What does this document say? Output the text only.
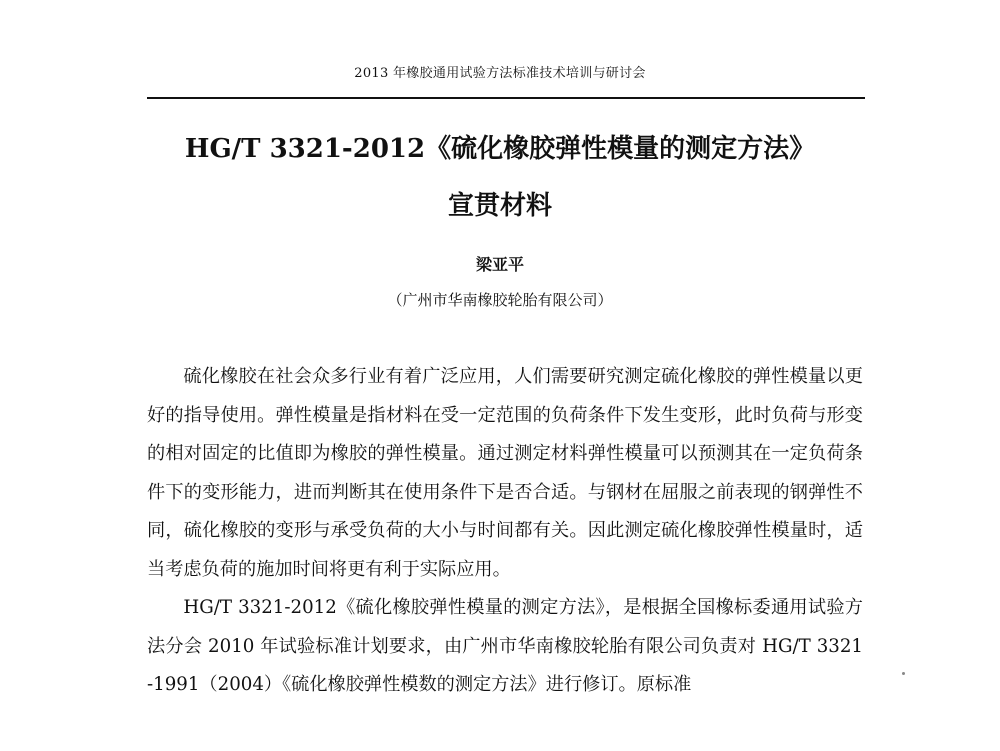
2013 年橡胶通用试验方法标准技术培训与研讨会
HG/T 3321-2012《硫化橡胶弹性模量的测定方法》
宣贯材料
梁亚平
（广州市华南橡胶轮胎有限公司）

硫化橡胶在社会众多行业有着广泛应用，人们需要研究测定硫化橡胶的弹性模量以更好的指导使用。弹性模量是指材料在受一定范围的负荷条件下发生变形，此时负荷与形变的相对固定的比值即为橡胶的弹性模量。通过测定材料弹性模量可以预测其在一定负荷条件下的变形能力，进而判断其在使用条件下是否合适。与钢材在屈服之前表现的钢弹性不同，硫化橡胶的变形与承受负荷的大小与时间都有关。因此测定硫化橡胶弹性模量时，适当考虑负荷的施加时间将更有利于实际应用。

HG/T 3321-2012《硫化橡胶弹性模量的测定方法》，是根据全国橡标委通用试验方法分会 2010 年试验标准计划要求，由广州市华南橡胶轮胎有限公司负责对 HG/T 3321-1991（2004）《硫化橡胶弹性模数的测定方法》进行修订。原标准
